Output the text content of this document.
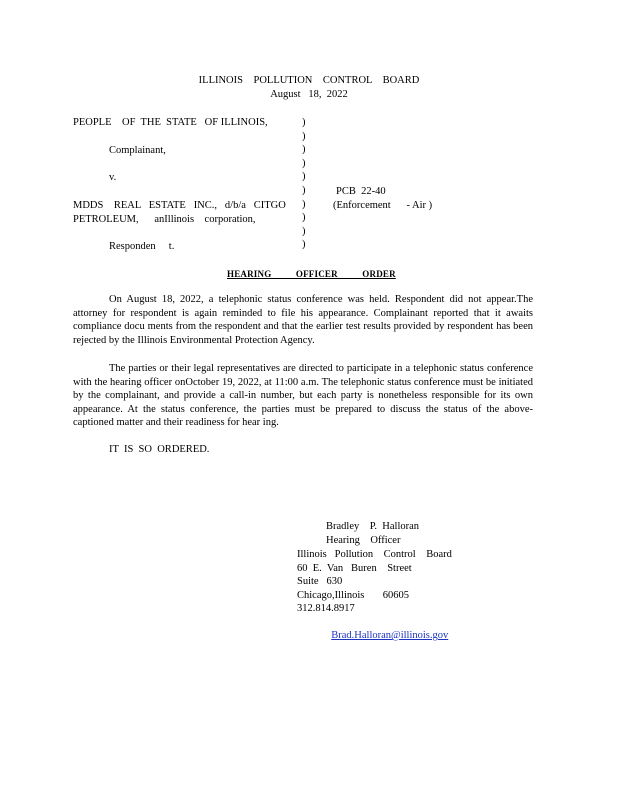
ILLINOIS    POLLUTION    CONTROL    BOARD
August   18,  2022
PEOPLE    OF  THE  STATE   OF ILLINOIS,
Complainant,
v.
MDDS    REAL   ESTATE   INC.,   d/b/a   CITGO
PETROLEUM,      anIllinois    corporation,
Responden     t.
)
)
)
)
)
)
)
)
)
)
PCB  22-40
(Enforcement      - Air )
HEARING          OFFICER          ORDER
On August 18, 2022, a telephonic status conference was held. Respondent did not appear.The attorney for respondent is again reminded to file his appearance. Complainant reported that it awaits compliance docu ments from the respondent and that the earlier test results provided by respondent has been rejected by the Illinois Environmental Protection Agency.
The parties or their legal representatives are directed to participate in a telephonic status conference with the hearing officer onOctober 19, 2022, at 11:00 a.m. The telephonic status conference must be initiated by the complainant, and provide a call-in number, but each party is nonetheless responsible for its own appearance. At the status conference, the parties must be prepared to discuss the status of the above- captioned matter and their readiness for hear ing.
IT  IS  SO  ORDERED.
Bradley    P.  Halloran
Hearing    Officer
Illinois   Pollution    Control    Board
60  E.  Van   Buren    Street
Suite   630
Chicago,Illinois       60605
312.814.8917

Brad.Halloran@illinois.gov
